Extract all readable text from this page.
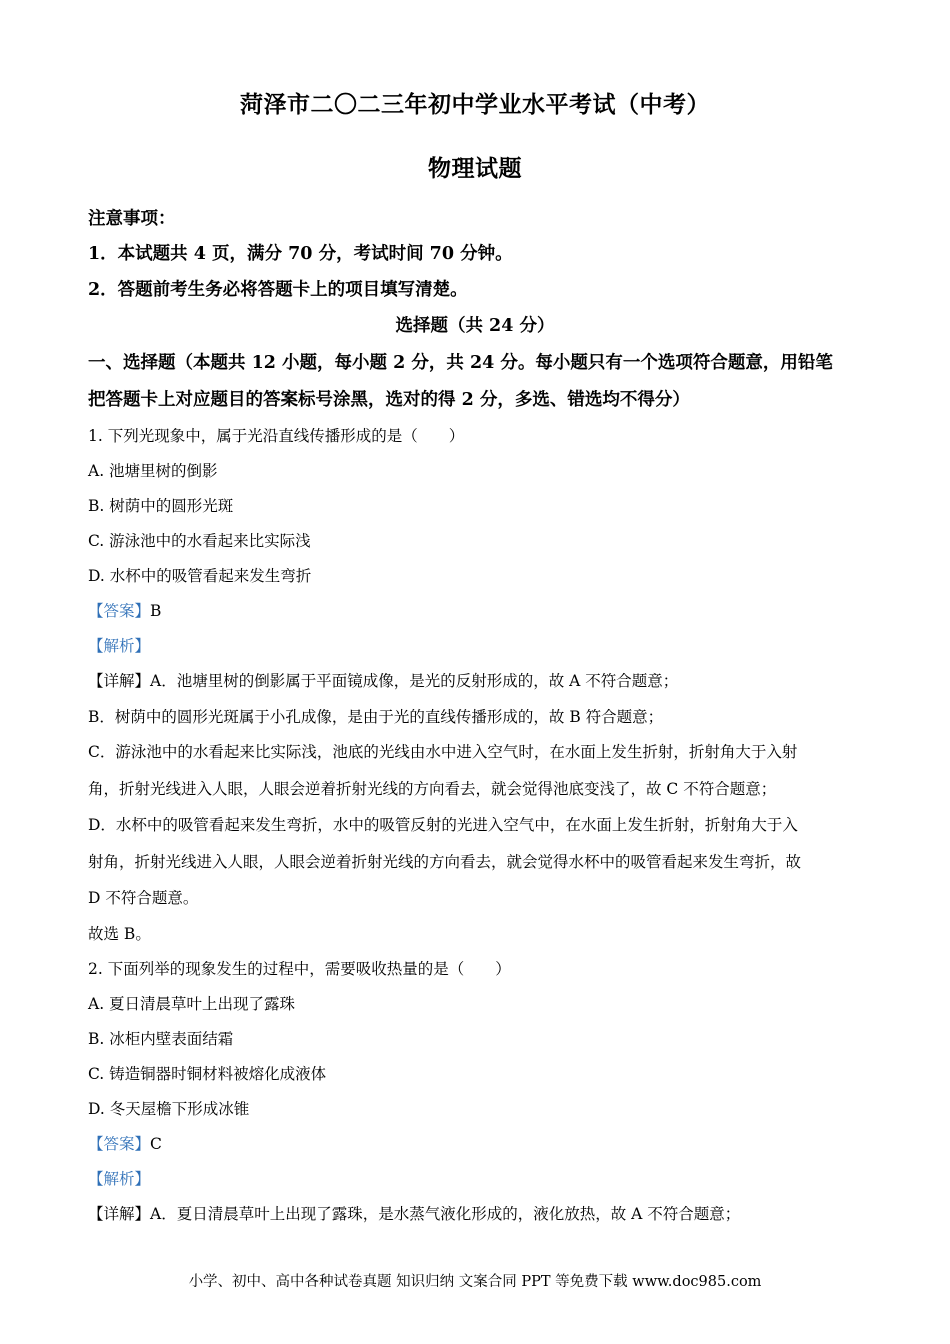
菏泽市二〇二三年初中学业水平考试（中考）
物理试题
注意事项：
1．本试题共 4 页，满分 70 分，考试时间 70 分钟。
2．答题前考生务必将答题卡上的项目填写清楚。
选择题（共 24 分）
一、选择题（本题共 12 小题，每小题 2 分，共 24 分。每小题只有一个选项符合题意，用铅笔
把答题卡上对应题目的答案标号涂黑，选对的得 2 分，多选、错选均不得分）
1. 下列光现象中，属于光沿直线传播形成的是（　　）
A. 池塘里树的倒影
B. 树荫中的圆形光斑
C. 游泳池中的水看起来比实际浅
D. 水杯中的吸管看起来发生弯折
【答案】B
【解析】
【详解】A．池塘里树的倒影属于平面镜成像，是光的反射形成的，故 A 不符合题意；
B．树荫中的圆形光斑属于小孔成像，是由于光的直线传播形成的，故 B 符合题意；
C．游泳池中的水看起来比实际浅，池底的光线由水中进入空气时，在水面上发生折射，折射角大于入射
角，折射光线进入人眼，人眼会逆着折射光线的方向看去，就会觉得池底变浅了，故 C 不符合题意；
D．水杯中的吸管看起来发生弯折，水中的吸管反射的光进入空气中，在水面上发生折射，折射角大于入
射角，折射光线进入人眼，人眼会逆着折射光线的方向看去，就会觉得水杯中的吸管看起来发生弯折，故
D 不符合题意。
故选 B。
2. 下面列举的现象发生的过程中，需要吸收热量的是（　　）
A. 夏日清晨草叶上出现了露珠
B. 冰柜内壁表面结霜
C. 铸造铜器时铜材料被熔化成液体
D. 冬天屋檐下形成冰锥
【答案】C
【解析】
【详解】A．夏日清晨草叶上出现了露珠，是水蒸气液化形成的，液化放热，故 A 不符合题意；
小学、初中、高中各种试卷真题 知识归纳 文案合同 PPT 等免费下载 www.doc985.com
